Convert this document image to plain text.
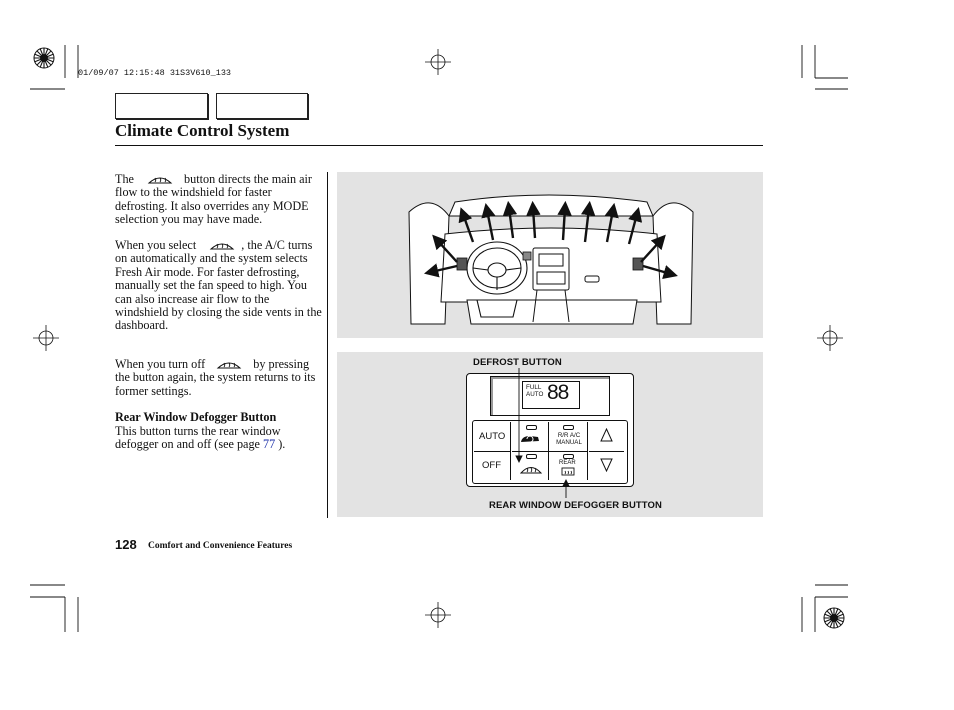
01/09/07 12:15:48 31S3V610_133
Climate Control System

The	button directs the main air flow to the windshield for faster defrosting. It also overrides any MODE selection you may have made.

When you select	, the A/C turns on automatically and the system selects Fresh Air mode. For faster defrosting, manually set the fan speed to high. You can also increase air flow to the windshield by closing the side vents in the dashboard.

When you turn off	by pressing the button again, the system returns to its former settings.

Rear Window Defogger Button

This button turns the rear window defogger on and off (see page 77 ).

DEFROST BUTTON
REAR WINDOW DEFOGGER BUTTON
FULL AUTO 88
AUTO
OFF
R/R A/C MANUAL
REAR
128 Comfort and Convenience Features
